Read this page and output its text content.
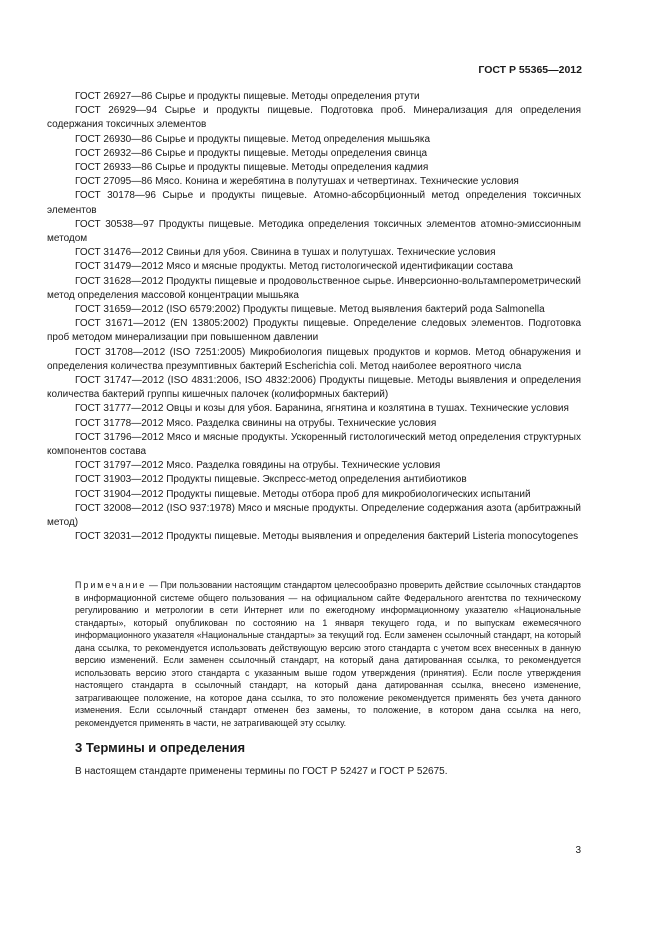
ГОСТ Р 55365—2012

ГОСТ 26927—86 Сырье и продукты пищевые. Методы определения ртути

ГОСТ 26929—94 Сырье и продукты пищевые. Подготовка проб. Минерализация для определения содержания токсичных элементов

ГОСТ 26930—86 Сырье и продукты пищевые. Метод определения мышьяка

ГОСТ 26932—86 Сырье и продукты пищевые. Методы определения свинца

ГОСТ 26933—86 Сырье и продукты пищевые. Методы определения кадмия

ГОСТ 27095—86 Мясо. Конина и жеребятина в полутушах и четвертинах. Технические условия

ГОСТ 30178—96 Сырье и продукты пищевые. Атомно-абсорбционный метод определения токсичных элементов

ГОСТ 30538—97 Продукты пищевые. Методика определения токсичных элементов атомно-эмиссионным методом

ГОСТ 31476—2012 Свиньи для убоя. Свинина в тушах и полутушах. Технические условия

ГОСТ 31479—2012 Мясо и мясные продукты. Метод гистологической идентификации состава

ГОСТ 31628—2012 Продукты пищевые и продовольственное сырье. Инверсионно-вольтамперометрический метод определения массовой концентрации мышьяка

ГОСТ 31659—2012 (ISO 6579:2002) Продукты пищевые. Метод выявления бактерий рода Salmonella

ГОСТ 31671—2012 (EN 13805:2002) Продукты пищевые. Определение следовых элементов. Подготовка проб методом минерализации при повышенном давлении

ГОСТ 31708—2012 (ISO 7251:2005) Микробиология пищевых продуктов и кормов. Метод обнаружения и определения количества презумптивных бактерий Escherichia coli. Метод наиболее вероятного числа

ГОСТ 31747—2012 (ISO 4831:2006, ISO 4832:2006) Продукты пищевые. Методы выявления и определения количества бактерий группы кишечных палочек (колиформных бактерий)

ГОСТ 31777—2012 Овцы и козы для убоя. Баранина, ягнятина и козлятина в тушах. Технические условия

ГОСТ 31778—2012 Мясо. Разделка свинины на отрубы. Технические условия

ГОСТ 31796—2012 Мясо и мясные продукты. Ускоренный гистологический метод определения структурных компонентов состава

ГОСТ 31797—2012 Мясо. Разделка говядины на отрубы. Технические условия

ГОСТ 31903—2012 Продукты пищевые. Экспресс-метод определения антибиотиков

ГОСТ 31904—2012 Продукты пищевые. Методы отбора проб для микробиологических испытаний

ГОСТ 32008—2012 (ISO 937:1978) Мясо и мясные продукты. Определение содержания азота (арбитражный метод)

ГОСТ 32031—2012 Продукты пищевые. Методы выявления и определения бактерий Listeria monocytogenes

Примечание — При пользовании настоящим стандартом целесообразно проверить действие ссылочных стандартов в информационной системе общего пользования — на официальном сайте Федерального агентства по техническому регулированию и метрологии в сети Интернет или по ежегодному информационному указателю «Национальные стандарты», который опубликован по состоянию на 1 января текущего года, и по выпускам ежемесячного информационного указателя «Национальные стандарты» за текущий год. Если заменен ссылочный стандарт, на который дана ссылка, то рекомендуется использовать действующую версию этого стандарта с учетом всех внесенных в данную версию изменений. Если заменен ссылочный стандарт, на который дана датированная ссылка, то рекомендуется использовать версию этого стандарта с указанным выше годом утверждения (принятия). Если после утверждения настоящего стандарта в ссылочный стандарт, на который дана датированная ссылка, внесено изменение, затрагивающее положение, на которое дана ссылка, то это положение рекомендуется применять без учета данного изменения. Если ссылочный стандарт отменен без замены, то положение, в котором дана ссылка на него, рекомендуется применять в части, не затрагивающей эту ссылку.
3 Термины и определения
В настоящем стандарте применены термины по ГОСТ Р 52427 и ГОСТ Р 52675.
3
